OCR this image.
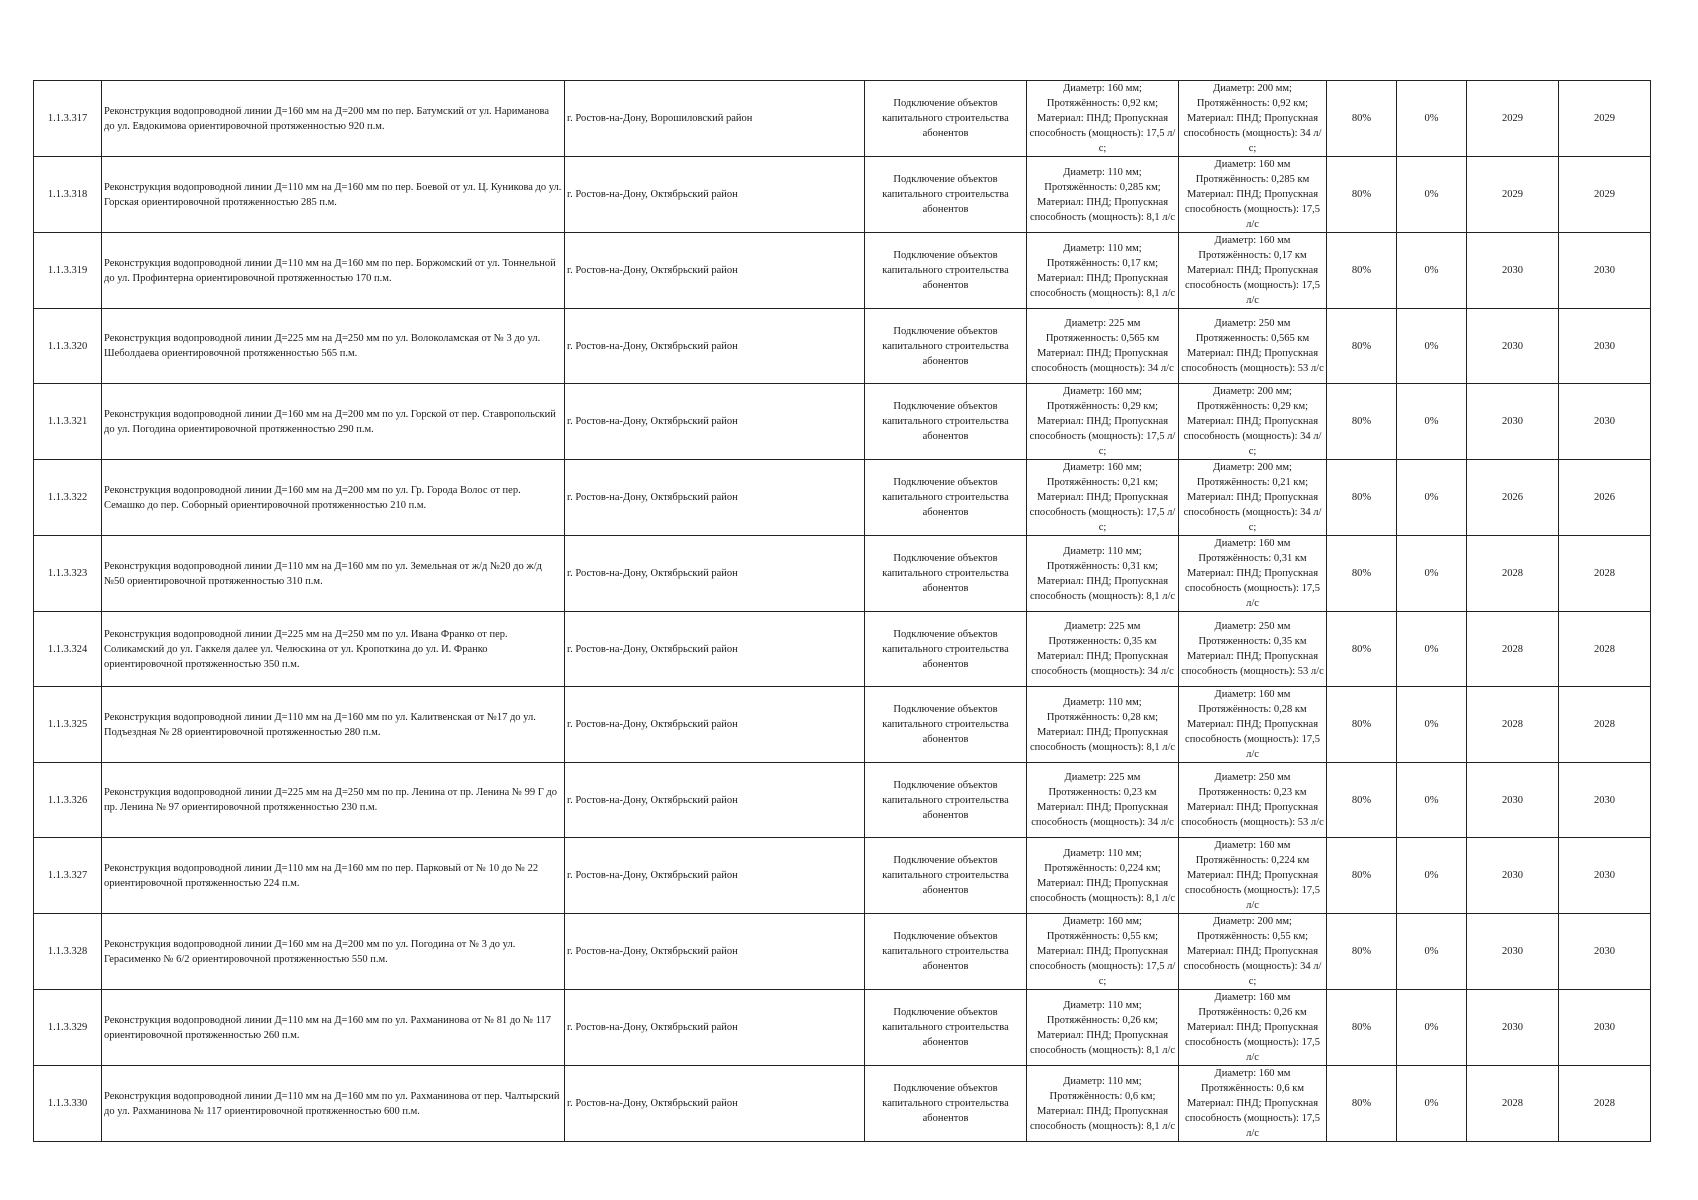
1.1.3.317	Реконструкция водопроводной линии Д=160 мм на Д=200 мм по пер. Батумский от ул. Нариманова до ул. Евдокимова ориентировочной протяженностью 920 п.м.	г. Ростов-на-Дону, Ворошиловский район	Подключение объектов капитального строительства абонентов	Диаметр: 160 мм; Протяжённость: 0,92 км; Материал: ПНД; Пропускная способность (мощность): 17,5 л/с;	Диаметр: 200 мм; Протяжённость: 0,92 км; Материал: ПНД; Пропускная способность (мощность): 34 л/с;	80%	0%	2029	2029
1.1.3.318	Реконструкция водопроводной линии Д=110 мм на Д=160 мм по пер. Боевой от ул. Ц. Куникова до ул. Горская ориентировочной протяженностью 285 п.м.	г. Ростов-на-Дону, Октябрьский район	Подключение объектов капитального строительства абонентов	Диаметр: 110 мм; Протяжённость: 0,285 км; Материал: ПНД; Пропускная способность (мощность): 8,1 л/с	Диаметр: 160 мм Протяжённость: 0,285 км Материал: ПНД; Пропускная способность (мощность): 17,5 л/с	80%	0%	2029	2029
1.1.3.319	Реконструкция водопроводной линии Д=110 мм на Д=160 мм по пер. Боржомский от ул. Тоннельной до ул. Профинтерна ориентировочной протяженностью 170 п.м.	г. Ростов-на-Дону, Октябрьский район	Подключение объектов капитального строительства абонентов	Диаметр: 110 мм; Протяжённость: 0,17 км; Материал: ПНД; Пропускная способность (мощность): 8,1 л/с	Диаметр: 160 мм Протяжённость: 0,17 км Материал: ПНД; Пропускная способность (мощность): 17,5 л/с	80%	0%	2030	2030
1.1.3.320	Реконструкция водопроводной линии Д=225 мм на Д=250 мм по ул. Волоколамская от № 3 до ул. Шеболдаева ориентировочной протяженностью 565 п.м.	г. Ростов-на-Дону, Октябрьский район	Подключение объектов капитального строительства абонентов	Диаметр: 225 мм Протяженность: 0,565 км Материал: ПНД; Пропускная способность (мощность): 34 л/с	Диаметр: 250 мм Протяженность: 0,565 км Материал: ПНД; Пропускная способность (мощность): 53 л/с	80%	0%	2030	2030
1.1.3.321	Реконструкция водопроводной линии Д=160 мм на Д=200 мм по ул. Горской от пер. Ставропольский до ул. Погодина ориентировочной протяженностью 290 п.м.	г. Ростов-на-Дону, Октябрьский район	Подключение объектов капитального строительства абонентов	Диаметр: 160 мм; Протяжённость: 0,29 км; Материал: ПНД; Пропускная способность (мощность): 17,5 л/с;	Диаметр: 200 мм; Протяжённость: 0,29 км; Материал: ПНД; Пропускная способность (мощность): 34 л/с;	80%	0%	2030	2030
1.1.3.322	Реконструкция водопроводной линии Д=160 мм на Д=200 мм по ул. Гр. Города Волос от пер. Семашко до пер. Соборный ориентировочной протяженностью 210 п.м.	г. Ростов-на-Дону, Октябрьский район	Подключение объектов капитального строительства абонентов	Диаметр: 160 мм; Протяжённость: 0,21 км; Материал: ПНД; Пропускная способность (мощность): 17,5 л/с;	Диаметр: 200 мм; Протяжённость: 0,21 км; Материал: ПНД; Пропускная способность (мощность): 34 л/с;	80%	0%	2026	2026
1.1.3.323	Реконструкция водопроводной линии Д=110 мм на Д=160 мм по ул. Земельная от ж/д №20 до ж/д №50 ориентировочной протяженностью 310 п.м.	г. Ростов-на-Дону, Октябрьский район	Подключение объектов капитального строительства абонентов	Диаметр: 110 мм; Протяжённость: 0,31 км; Материал: ПНД; Пропускная способность (мощность): 8,1 л/с	Диаметр: 160 мм Протяжённость: 0,31 км Материал: ПНД; Пропускная способность (мощность): 17,5 л/с	80%	0%	2028	2028
1.1.3.324	Реконструкция водопроводной линии Д=225 мм на Д=250 мм по ул. Ивана Франко от пер. Соликамский до ул. Гаккеля далее ул. Челюскина от ул. Кропоткина до ул. И. Франко ориентировочной протяженностью 350 п.м.	г. Ростов-на-Дону, Октябрьский район	Подключение объектов капитального строительства абонентов	Диаметр: 225 мм Протяженность: 0,35 км Материал: ПНД; Пропускная способность (мощность): 34 л/с	Диаметр: 250 мм Протяженность: 0,35 км Материал: ПНД; Пропускная способность (мощность): 53 л/с	80%	0%	2028	2028
1.1.3.325	Реконструкция водопроводной линии Д=110 мм на Д=160 мм по ул. Калитвенская от №17 до ул. Подъездная № 28 ориентировочной протяженностью 280 п.м.	г. Ростов-на-Дону, Октябрьский район	Подключение объектов капитального строительства абонентов	Диаметр: 110 мм; Протяжённость: 0,28 км; Материал: ПНД; Пропускная способность (мощность): 8,1 л/с	Диаметр: 160 мм Протяжённость: 0,28 км Материал: ПНД; Пропускная способность (мощность): 17,5 л/с	80%	0%	2028	2028
1.1.3.326	Реконструкция водопроводной линии Д=225 мм на Д=250 мм по пр. Ленина от пр. Ленина № 99 Г до пр. Ленина № 97 ориентировочной протяженностью 230 п.м.	г. Ростов-на-Дону, Октябрьский район	Подключение объектов капитального строительства абонентов	Диаметр: 225 мм Протяженность: 0,23 км Материал: ПНД; Пропускная способность (мощность): 34 л/с	Диаметр: 250 мм Протяженность: 0,23 км Материал: ПНД; Пропускная способность (мощность): 53 л/с	80%	0%	2030	2030
1.1.3.327	Реконструкция водопроводной линии Д=110 мм на Д=160 мм по пер. Парковый от № 10 до № 22 ориентировочной протяженностью 224 п.м.	г. Ростов-на-Дону, Октябрьский район	Подключение объектов капитального строительства абонентов	Диаметр: 110 мм; Протяжённость: 0,224 км; Материал: ПНД; Пропускная способность (мощность): 8,1 л/с	Диаметр: 160 мм Протяжённость: 0,224 км Материал: ПНД; Пропускная способность (мощность): 17,5 л/с	80%	0%	2030	2030
1.1.3.328	Реконструкция водопроводной линии Д=160 мм на Д=200 мм по ул. Погодина от № 3 до ул. Герасименко № 6/2 ориентировочной протяженностью 550 п.м.	г. Ростов-на-Дону, Октябрьский район	Подключение объектов капитального строительства абонентов	Диаметр: 160 мм; Протяжённость: 0,55 км; Материал: ПНД; Пропускная способность (мощность): 17,5 л/с;	Диаметр: 200 мм; Протяжённость: 0,55 км; Материал: ПНД; Пропускная способность (мощность): 34 л/с;	80%	0%	2030	2030
1.1.3.329	Реконструкция водопроводной линии Д=110 мм на Д=160 мм по ул. Рахманинова от № 81 до № 117 ориентировочной протяженностью 260 п.м.	г. Ростов-на-Дону, Октябрьский район	Подключение объектов капитального строительства абонентов	Диаметр: 110 мм; Протяжённость: 0,26 км; Материал: ПНД; Пропускная способность (мощность): 8,1 л/с	Диаметр: 160 мм Протяжённость: 0,26 км Материал: ПНД; Пропускная способность (мощность): 17,5 л/с	80%	0%	2030	2030
1.1.3.330	Реконструкция водопроводной линии Д=110 мм на Д=160 мм по ул. Рахманинова от пер. Чалтырский до ул. Рахманинова № 117 ориентировочной протяженностью 600 п.м.	г. Ростов-на-Дону, Октябрьский район	Подключение объектов капитального строительства абонентов	Диаметр: 110 мм; Протяжённость: 0,6 км; Материал: ПНД; Пропускная способность (мощность): 8,1 л/с	Диаметр: 160 мм Протяжённость: 0,6 км Материал: ПНД; Пропускная способность (мощность): 17,5 л/с	80%	0%	2028	2028
